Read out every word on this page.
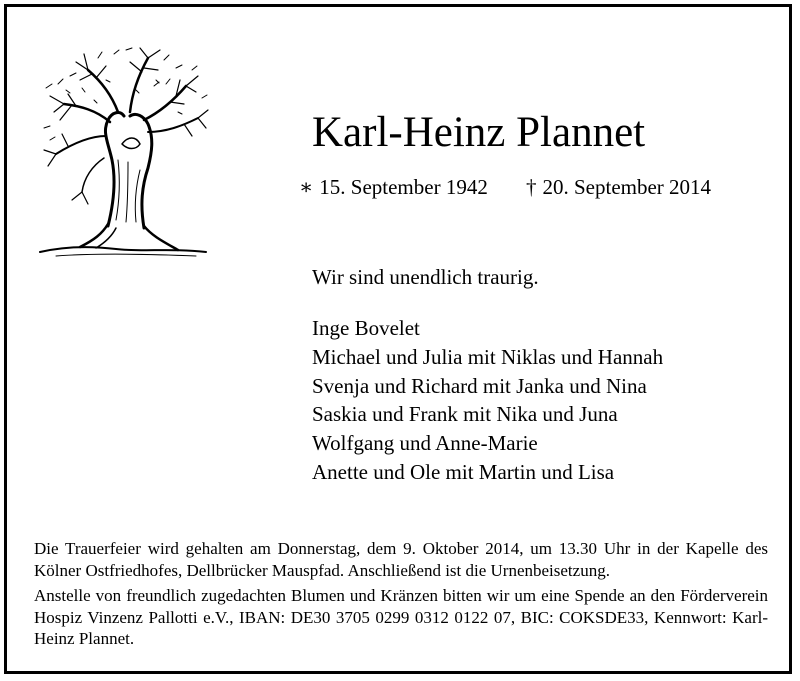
Karl-Heinz Plannet
∗ 15. September 1942 † 20. September 2014
Wir sind unendlich traurig.
Inge Bovelet
Michael und Julia mit Niklas und Hannah
Svenja und Richard mit Janka und Nina
Saskia und Frank mit Nika und Juna
Wolfgang und Anne-Marie
Anette und Ole mit Martin und Lisa

Die Trauerfeier wird gehalten am Donnerstag, dem 9. Oktober 2014, um 13.30 Uhr in der Kapelle des Kölner Ostfriedhofes, Dellbrücker Mauspfad. Anschließend ist die Urnenbeisetzung.

Anstelle von freundlich zugedachten Blumen und Kränzen bitten wir um eine Spende an den Förderverein Hospiz Vinzenz Pallotti e.V., IBAN: DE30 3705 0299 0312 0122 07, BIC: COKSDE33, Kennwort: Karl-Heinz Plannet.
